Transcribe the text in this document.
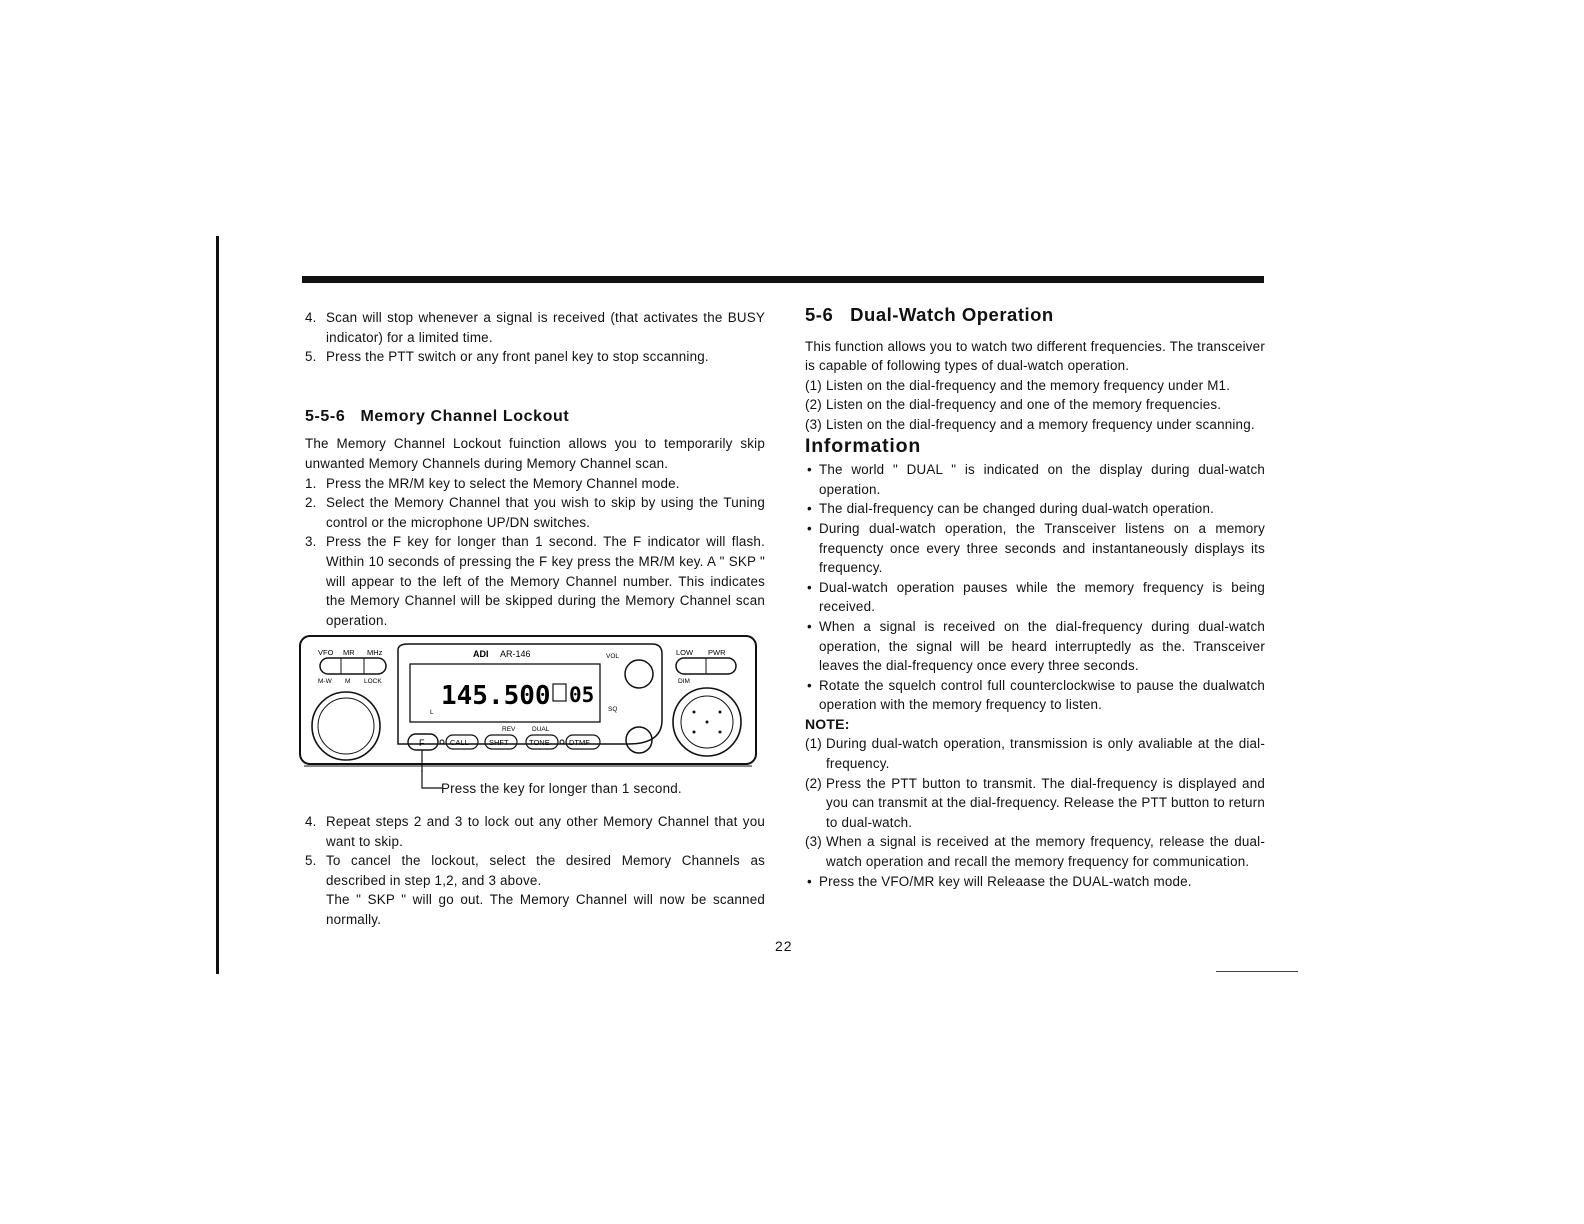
4. Scan will stop whenever a signal is received (that activates the BUSY indicator) for a limited time.
5. Press the PTT switch or any front panel key to stop sccanning.
5-5-6   Memory Channel Lockout
The Memory Channel Lockout fuinction allows you to temporarily skip unwanted Memory Channels during Memory Channel scan.
1. Press the MR/M key to select the Memory Channel mode.
2. Select the Memory Channel that you wish to skip by using the Tuning control or the microphone UP/DN switches.
3. Press the F key for longer than 1 second. The F indicator will flash. Within 10 seconds of pressing the F key press the MR/M key. A " SKP " will appear to the left of the Memory Channel number. This indicates the Memory Channel will be skipped during the Memory Channel scan operation.
VFO MR MHz
M-W M LOCK
ADI AR-146
145.500 05
L
VOL
SQ
REV	DUAL
F	CALL	SHFT	TONE	DTMF
LOW PWR
DIM
Press the key for longer than 1 second.
4. Repeat steps 2 and 3 to lock out any other Memory Channel that you want to skip.
5. To cancel the lockout, select the desired Memory Channels as described in step 1,2, and 3 above.
The " SKP " will go out. The Memory Channel will now be scanned normally.
5-6   Dual-Watch Operation
This function allows you to watch two different frequencies. The transceiver is capable of following types of dual-watch operation.
(1) Listen on the dial-frequency and the memory frequency under M1.
(2) Listen on the dial-frequency and one of the memory frequencies.
(3) Listen on the dial-frequency and a memory frequency under scanning.
Information
• The world " DUAL " is indicated on the display during dual-watch operation.
• The dial-frequency can be changed during dual-watch operation.
• During dual-watch operation, the Transceiver listens on a memory frequencty once every three seconds and instantaneously displays its frequency.
• Dual-watch operation pauses while the memory frequency is being received.
• When a signal is received on the dial-frequency during dual-watch operation, the signal will be heard interruptedly as the. Transceiver leaves the dial-frequency once every three seconds.
• Rotate the squelch control full counterclockwise to pause the dualwatch operation with the memory frequency to listen.
NOTE:
(1) During dual-watch operation, transmission is only avaliable at the dial-frequency.
(2) Press the PTT button to transmit. The dial-frequency is displayed and you can transmit at the dial-frequency. Release the PTT button to return to dual-watch.
(3) When a signal is received at the memory frequency, release the dual-watch operation and recall the memory frequency for communication.
• Press the VFO/MR key will Releaase the DUAL-watch mode.
22
